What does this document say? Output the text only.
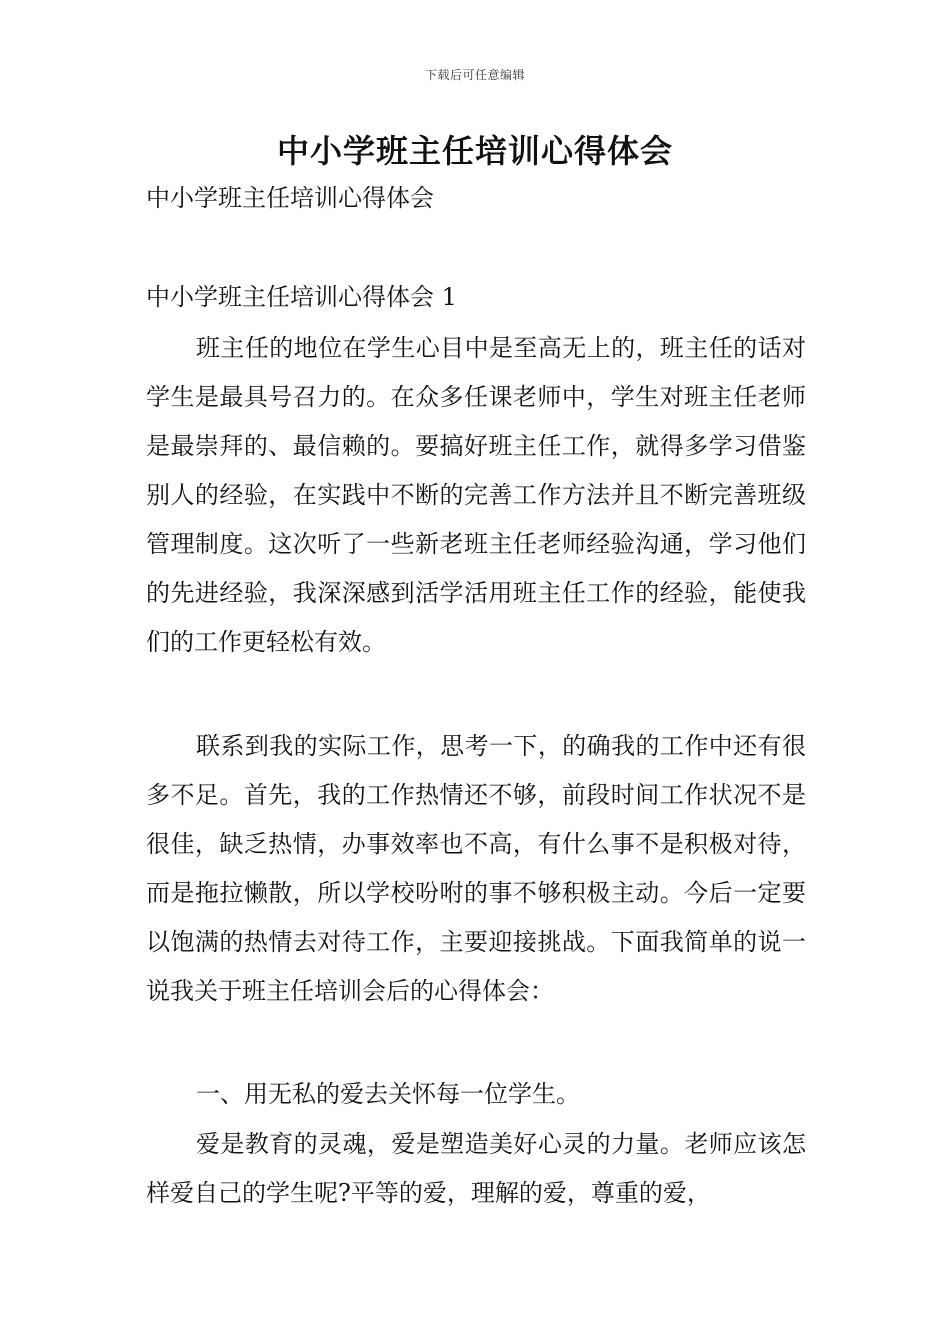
下载后可任意编辑
中小学班主任培训心得体会

中小学班主任培训心得体会

中小学班主任培训心得体会 1

班主任的地位在学生心目中是至高无上的，班主任的话对学生是最具号召力的。在众多任课老师中，学生对班主任老师是最崇拜的、最信赖的。要搞好班主任工作，就得多学习借鉴别人的经验，在实践中不断的完善工作方法并且不断完善班级管理制度。这次听了一些新老班主任老师经验沟通，学习他们的先进经验，我深深感到活学活用班主任工作的经验，能使我们的工作更轻松有效。

联系到我的实际工作，思考一下，的确我的工作中还有很多不足。首先，我的工作热情还不够，前段时间工作状况不是很佳，缺乏热情，办事效率也不高，有什么事不是积极对待，而是拖拉懒散，所以学校吩咐的事不够积极主动。今后一定要以饱满的热情去对待工作，主要迎接挑战。下面我简单的说一说我关于班主任培训会后的心得体会：

一、用无私的爱去关怀每一位学生。

爱是教育的灵魂，爱是塑造美好心灵的力量。老师应该怎样爱自己的学生呢?平等的爱，理解的爱，尊重的爱，
